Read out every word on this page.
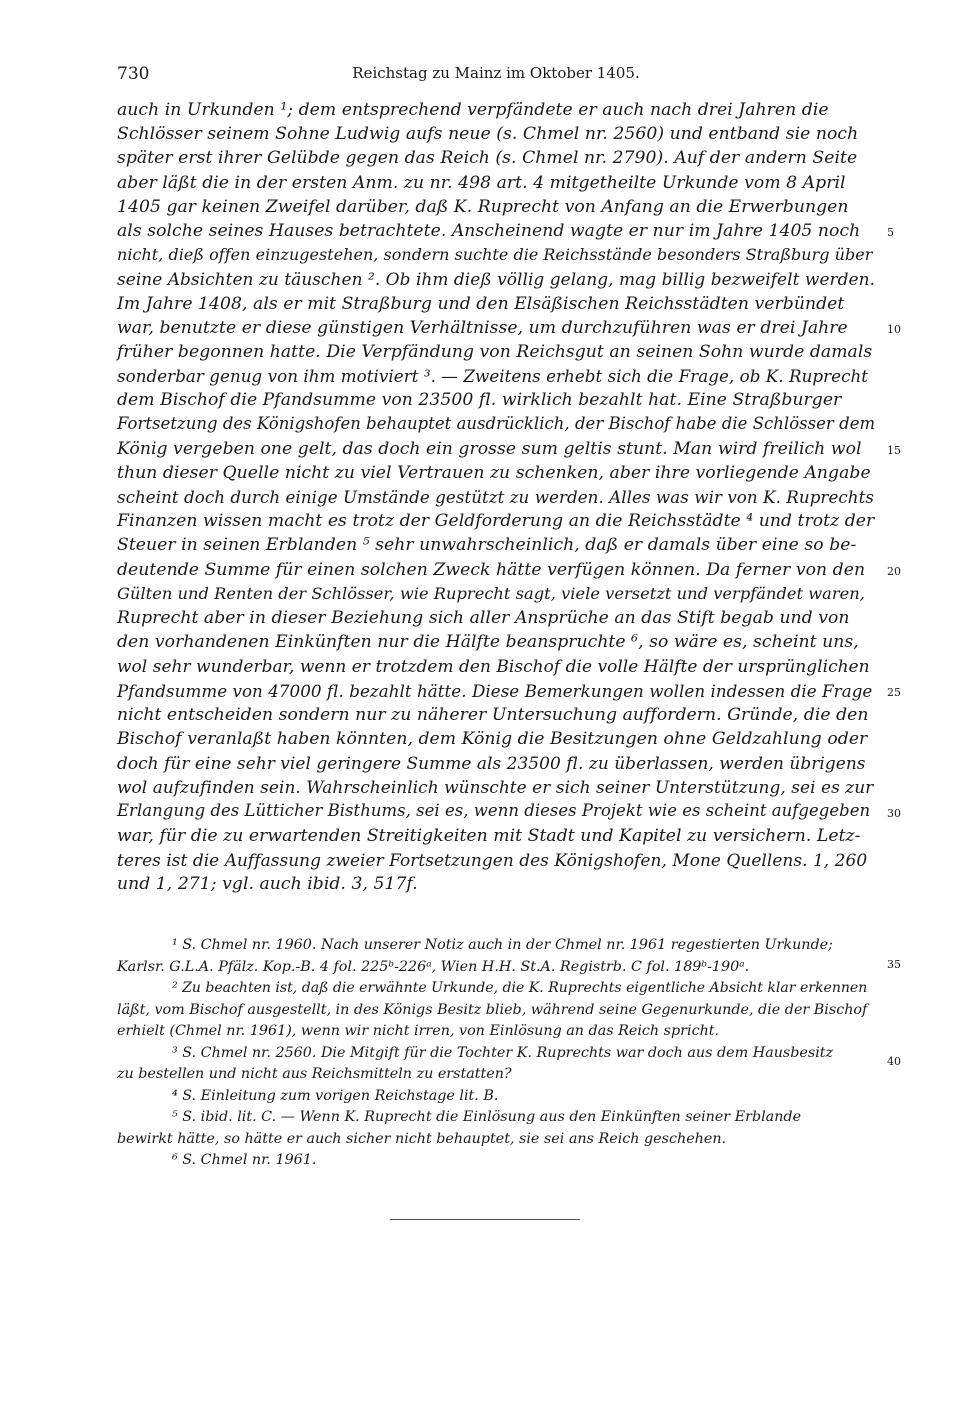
730	Reichstag zu Mainz im Oktober 1405.
auch in Urkunden ¹; dem entsprechend verpfändete er auch nach drei Jahren die
Schlösser seinem Sohne Ludwig aufs neue (s. Chmel nr. 2560) und entband sie noch
später erst ihrer Gelübde gegen das Reich (s. Chmel nr. 2790). Auf der andern Seite
aber läßt die in der ersten Anm. zu nr. 498 art. 4 mitgetheilte Urkunde vom 8 April
1405 gar keinen Zweifel darüber, daß K. Ruprecht von Anfang an die Erwerbungen
als solche seines Hauses betrachtete. Anscheinend wagte er nur im Jahre 1405 noch
nicht, dieß offen einzugestehen, sondern suchte die Reichsstände besonders Straßburg über
seine Absichten zu täuschen ². Ob ihm dieß völlig gelang, mag billig bezweifelt werden.
Im Jahre 1408, als er mit Straßburg und den Elsäßischen Reichsstädten verbündet
war, benutzte er diese günstigen Verhältnisse, um durchzuführen was er drei Jahre
früher begonnen hatte. Die Verpfändung von Reichsgut an seinen Sohn wurde damals
sonderbar genug von ihm motiviert ³. — Zweitens erhebt sich die Frage, ob K. Ruprecht
dem Bischof die Pfandsumme von 23500 fl. wirklich bezahlt hat. Eine Straßburger
Fortsetzung des Königshofen behauptet ausdrücklich, der Bischof habe die Schlösser dem
König vergeben one gelt, das doch ein grosse sum geltis stunt. Man wird freilich wol
thun dieser Quelle nicht zu viel Vertrauen zu schenken, aber ihre vorliegende Angabe
scheint doch durch einige Umstände gestützt zu werden. Alles was wir von K. Ruprechts
Finanzen wissen macht es trotz der Geldforderung an die Reichsstädte ⁴ und trotz der
Steuer in seinen Erblanden ⁵ sehr unwahrscheinlich, daß er damals über eine so be-
deutende Summe für einen solchen Zweck hätte verfügen können. Da ferner von den
Gülten und Renten der Schlösser, wie Ruprecht sagt, viele versetzt und verpfändet waren,
Ruprecht aber in dieser Beziehung sich aller Ansprüche an das Stift begab und von
den vorhandenen Einkünften nur die Hälfte beanspruchte ⁶, so wäre es, scheint uns,
wol sehr wunderbar, wenn er trotzdem den Bischof die volle Hälfte der ursprünglichen
Pfandsumme von 47000 fl. bezahlt hätte. Diese Bemerkungen wollen indessen die Frage
nicht entscheiden sondern nur zu näherer Untersuchung auffordern. Gründe, die den
Bischof veranlaßt haben könnten, dem König die Besitzungen ohne Geldzahlung oder
doch für eine sehr viel geringere Summe als 23500 fl. zu überlassen, werden übrigens
wol aufzufinden sein. Wahrscheinlich wünschte er sich seiner Unterstützung, sei es zur
Erlangung des Lütticher Bisthums, sei es, wenn dieses Projekt wie es scheint aufgegeben
war, für die zu erwartenden Streitigkeiten mit Stadt und Kapitel zu versichern. Letz-
teres ist die Auffassung zweier Fortsetzungen des Königshofen, Mone Quellens. 1, 260
und 1, 271; vgl. auch ibid. 3, 517f.
5
10
15
20
25
30
35
40
¹ S. Chmel nr. 1960. Nach unserer Notiz auch in der Chmel nr. 1961 regestierten Urkunde;
Karlsr. G.L.A. Pfälz. Kop.-B. 4 fol. 225ᵇ-226ᵃ, Wien H.H. St.A. Registrb. C fol. 189ᵇ-190ᵃ.
² Zu beachten ist, daß die erwähnte Urkunde, die K. Ruprechts eigentliche Absicht klar erkennen
läßt, vom Bischof ausgestellt, in des Königs Besitz blieb, während seine Gegenurkunde, die der Bischof
erhielt (Chmel nr. 1961), wenn wir nicht irren, von Einlösung an das Reich spricht.
³ S. Chmel nr. 2560. Die Mitgift für die Tochter K. Ruprechts war doch aus dem Hausbesitz
zu bestellen und nicht aus Reichsmitteln zu erstatten?
⁴ S. Einleitung zum vorigen Reichstage lit. B.
⁵ S. ibid. lit. C. — Wenn K. Ruprecht die Einlösung aus den Einkünften seiner Erblande
bewirkt hätte, so hätte er auch sicher nicht behauptet, sie sei ans Reich geschehen.
⁶ S. Chmel nr. 1961.
